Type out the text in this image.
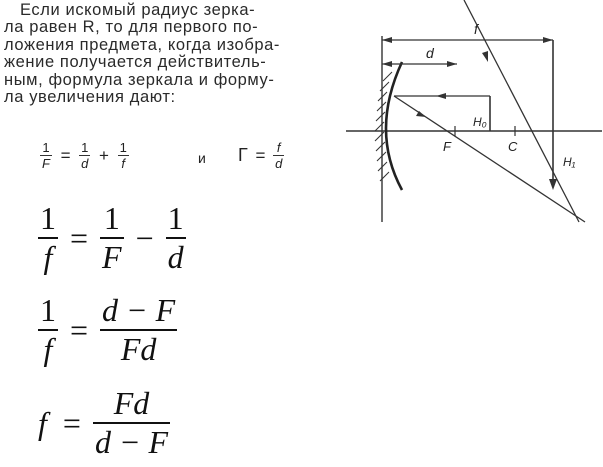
Если искомый радиус зерка-
ла равен R, то для первого по-
ложения предмета, когда изобра-
жение получается действитель-
ным, формула зеркала и форму-
ла увеличения дают:
$\frac{1}{F} = \frac{1}{d} + \frac{1}{f}$	и $\Gamma = \frac{f}{d}$
$\frac{1}{f} = \frac{1}{F} - \frac{1}{d}$
$\frac{1}{f} = \frac{d - F}{Fd}$
$f = \frac{Fd}{d - F}$
f
d
H₀
H₁
F	C
